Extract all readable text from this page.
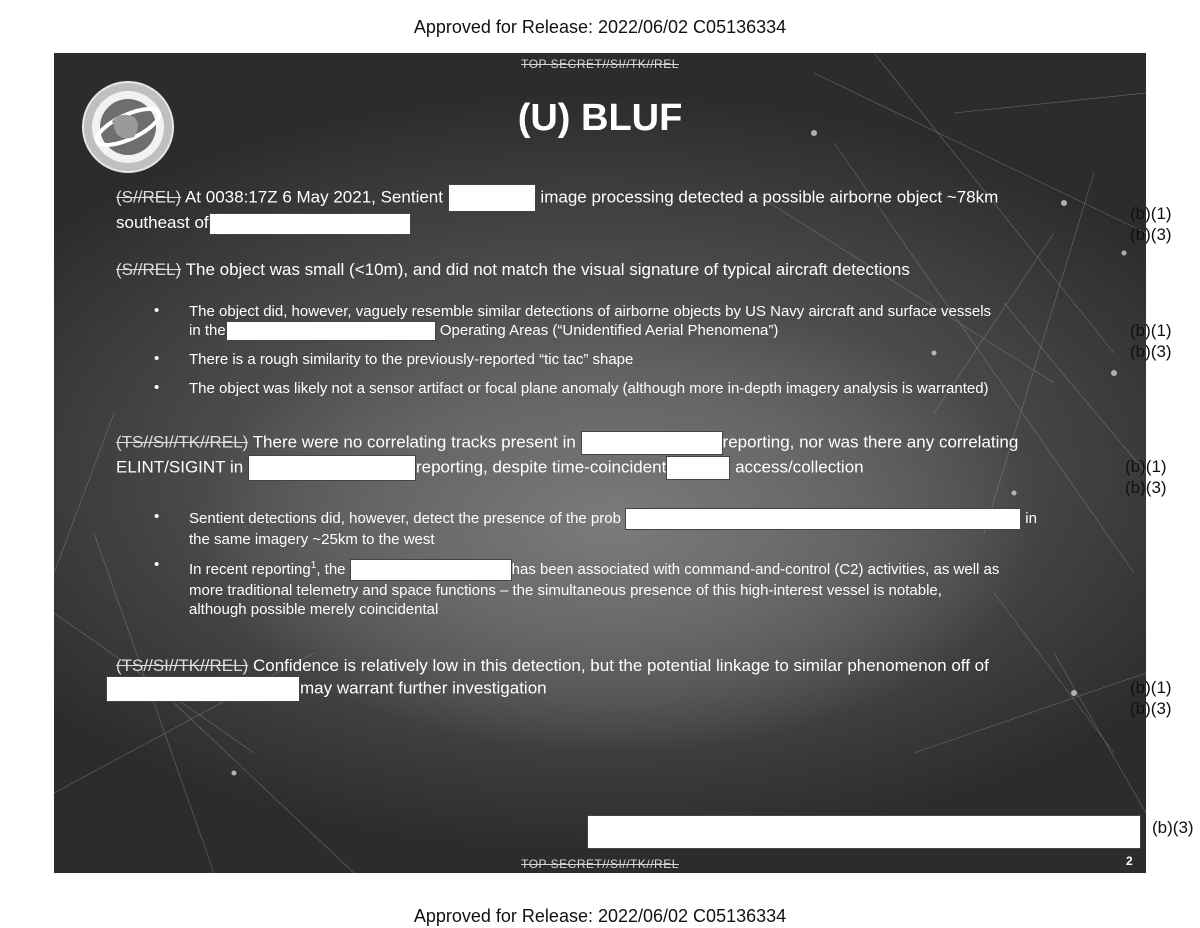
Approved for Release: 2022/06/02 C05136334
TOP SECRET//SI//TK//REL
(U) BLUF
(S//REL) At 0038:17Z 6 May 2021, Sentient	image processing detected a possible airborne object ~78km
southeast of
(S//REL) The object was small (<10m), and did not match the visual signature of typical aircraft detections
• The object did, however, vaguely resemble similar detections of airborne objects by US Navy aircraft and surface vessels
in the	Operating Areas (“Unidentified Aerial Phenomena”)
• There is a rough similarity to the previously-reported “tic tac” shape
• The object was likely not a sensor artifact or focal plane anomaly (although more in-depth imagery analysis is warranted)
(TS//SI//TK//REL) There were no correlating tracks present in	reporting, nor was there any correlating
ELINT/SIGINT in	reporting, despite time-coincident	access/collection
• Sentient detections did, however, detect the presence of the prob	in
the same imagery ~25km to the west
• In recent reporting$^1$, the	has been associated with command-and-control (C2) activities, as well as
more traditional telemetry and space functions – the simultaneous presence of this high-interest vessel is notable,
although possible merely coincidental
(TS//SI//TK//REL) Confidence is relatively low in this detection, but the potential linkage to similar phenomenon off of
may warrant further investigation
TOP SECRET//SI//TK//REL	2
(b)(1)
(b)(3)
(b)(1)
(b)(3)
(b)(1)
(b)(3)
(b)(1)
(b)(3)
(b)(3)
Approved for Release: 2022/06/02 C05136334
